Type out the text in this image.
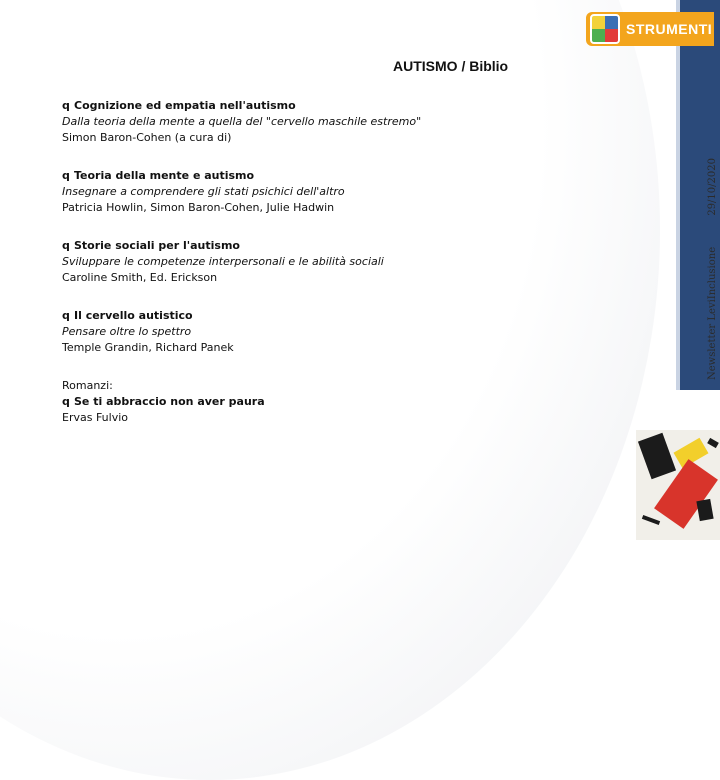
Newsletter LeviInclusione 29/10/2020
STRUMENTI
AUTISMO / Biblio
q Cognizione ed empatia nell'autismo
Dalla teoria della mente a quella del "cervello maschile estremo"
Simon Baron-Cohen (a cura di)
q Teoria della mente e autismo
Insegnare a comprendere gli stati psichici dell'altro
Patricia Howlin, Simon Baron-Cohen, Julie Hadwin
q Storie sociali per l'autismo
Sviluppare le competenze interpersonali e le abilità sociali
Caroline Smith, Ed. Erickson
q Il cervello autistico
Pensare oltre lo spettro
Temple Grandin, Richard Panek
Romanzi:
q Se ti abbraccio non aver paura
Ervas Fulvio
